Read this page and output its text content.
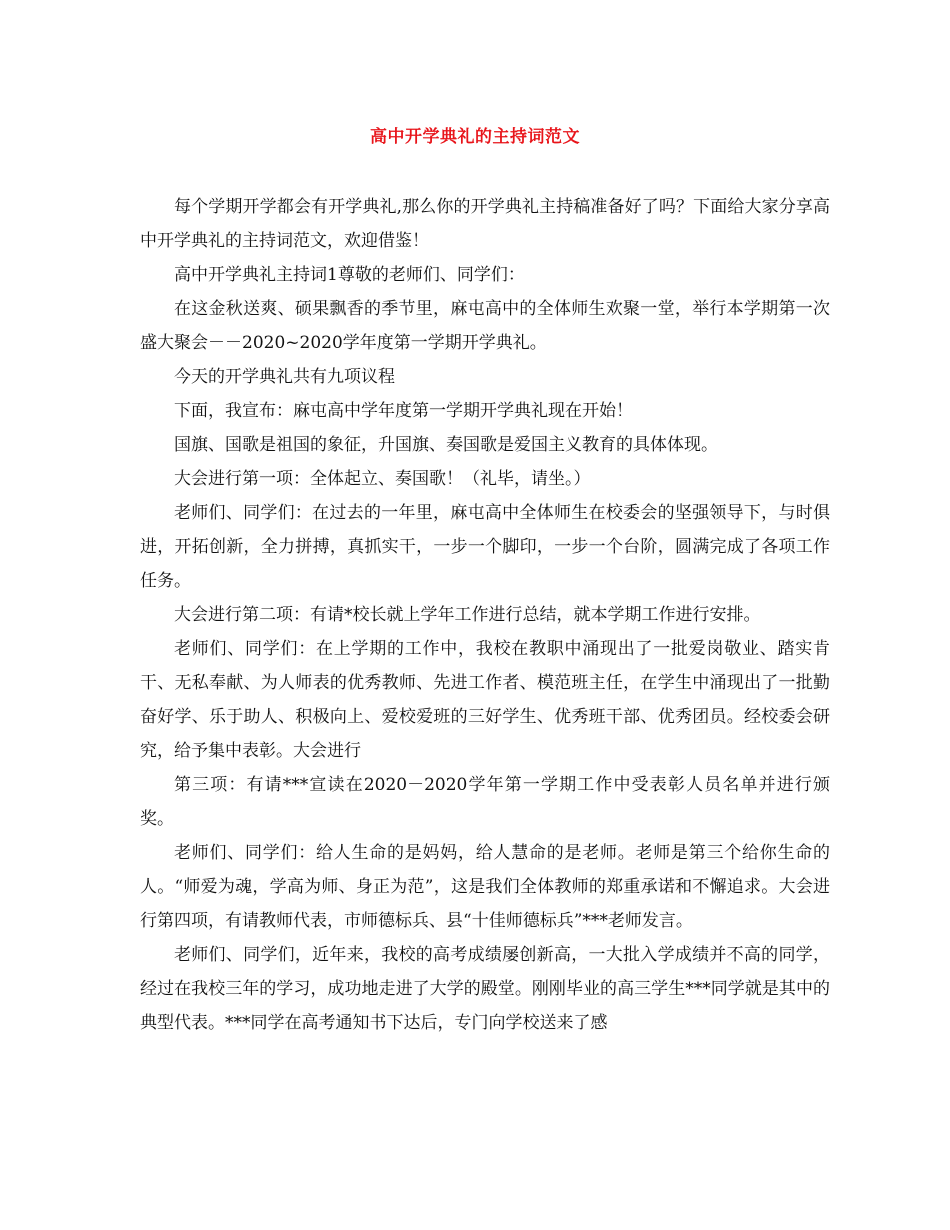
高中开学典礼的主持词范文

每个学期开学都会有开学典礼,那么你的开学典礼主持稿准备好了吗？下面给大家分享高中开学典礼的主持词范文，欢迎借鉴！

高中开学典礼主持词1尊敬的老师们、同学们：

在这金秋送爽、硕果飘香的季节里，麻屯高中的全体师生欢聚一堂，举行本学期第一次盛大聚会－－2020~2020学年度第一学期开学典礼。

今天的开学典礼共有九项议程

下面，我宣布：麻屯高中学年度第一学期开学典礼现在开始！

国旗、国歌是祖国的象征，升国旗、奏国歌是爱国主义教育的具体体现。

大会进行第一项：全体起立、奏国歌！（礼毕，请坐。）

老师们、同学们：在过去的一年里，麻屯高中全体师生在校委会的坚强领导下，与时俱进，开拓创新，全力拼搏，真抓实干，一步一个脚印，一步一个台阶，圆满完成了各项工作任务。

大会进行第二项：有请*校长就上学年工作进行总结，就本学期工作进行安排。

老师们、同学们：在上学期的工作中，我校在教职中涌现出了一批爱岗敬业、踏实肯干、无私奉献、为人师表的优秀教师、先进工作者、模范班主任，在学生中涌现出了一批勤奋好学、乐于助人、积极向上、爱校爱班的三好学生、优秀班干部、优秀团员。经校委会研究，给予集中表彰。大会进行

第三项：有请***宣读在2020－2020学年第一学期工作中受表彰人员名单并进行颁奖。

老师们、同学们：给人生命的是妈妈，给人慧命的是老师。老师是第三个给你生命的人。“师爱为魂，学高为师、身正为范”，这是我们全体教师的郑重承诺和不懈追求。大会进行第四项，有请教师代表，市师德标兵、县“十佳师德标兵”***老师发言。

老师们、同学们，近年来，我校的高考成绩屡创新高，一大批入学成绩并不高的同学，经过在我校三年的学习，成功地走进了大学的殿堂。刚刚毕业的高三学生***同学就是其中的典型代表。***同学在高考通知书下达后，专门向学校送来了感
